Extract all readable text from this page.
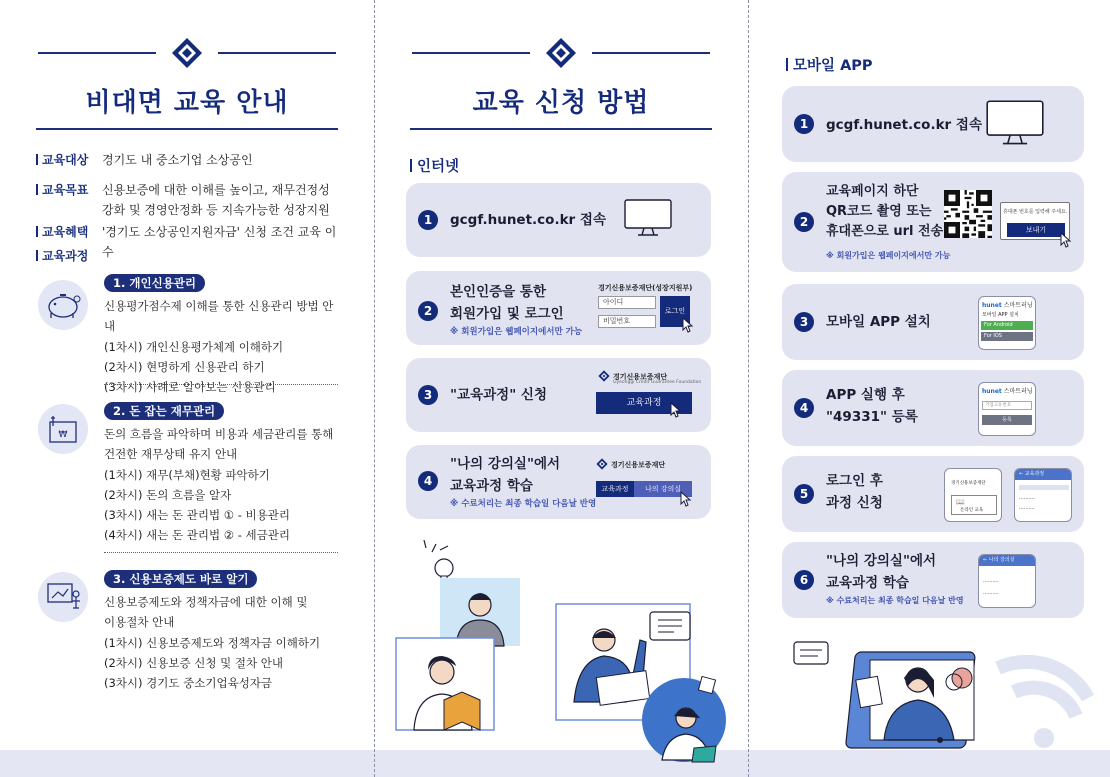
비대면 교육 안내
교육대상 경기도 내 중소기업 소상공인
교육목표 신용보증에 대한 이해를 높이고, 재무건정성 강화 및 경영안정화 등 지속가능한 성장지원
교육혜택 '경기도 소상공인지원자금' 신청 조건 교육 이수
교육과정
1. 개인신용관리
신용평가점수제 이해를 통한 신용관리 방법 안내
(1차시) 개인신용평가체계 이해하기
(2차시) 현명하게 신용관리 하기
(3차시) 사례로 알아보는 신용관리
₩
2. 돈 잡는 재무관리
돈의 흐름을 파악하며 비용과 세금관리를 통해
건전한 재무상태 유지 안내
(1차시) 재무(부채)현황 파악하기
(2차시) 돈의 흐름을 알자
(3차시) 새는 돈 관리법 ① - 비용관리
(4차시) 새는 돈 관리법 ② - 세금관리
3. 신용보증제도 바로 알기
신용보증제도와 정책자금에 대한 이해 및
이용절차 안내
(1차시) 신용보증제도와 정책자금 이해하기
(2차시) 신용보증 신청 및 절차 안내
(3차시) 경기도 중소기업육성자금
교육 신청 방법
인터넷
1	gcgf.hunet.co.kr 접속
2
본인인증을 통한
회원가입 및 로그인
※ 회원가입은 웹페이지에서만 가능
경기신용보증재단(성장지원부)
아이디
비밀번호
로그인
3	"교육과정" 신청
경기신용보증재단
Gyeonggi Credit Guarantee Foundation
교육과정
4
"나의 강의실"에서
교육과정 학습
※ 수료처리는 최종 학습일 다음날 반영
경기신용보증재단
교육과정	나의 강의실
모바일 APP
1	gcgf.hunet.co.kr 접속
2
교육페이지 하단
QR코드 촬영 또는
휴대폰으로 url 전송
※ 회원가입은 웹페이지에서만 가능
휴대폰 번호를 입력해 주세요.
보내기
3	모바일 APP 설치
hunet 스마트러닝
모바일 APP 설치
For Android
For IOS
4
APP 실행 후
"49331" 등록
hunet 스마트러닝
기업고유번호
등록
5
로그인 후
과정 신청
경기신용보증재단
📖
온라인 교육
← 교육과정
··········
··········
6
"나의 강의실"에서
교육과정 학습
※ 수료처리는 최종 학습일 다음날 반영
← 나의 강의실
··········
··········
